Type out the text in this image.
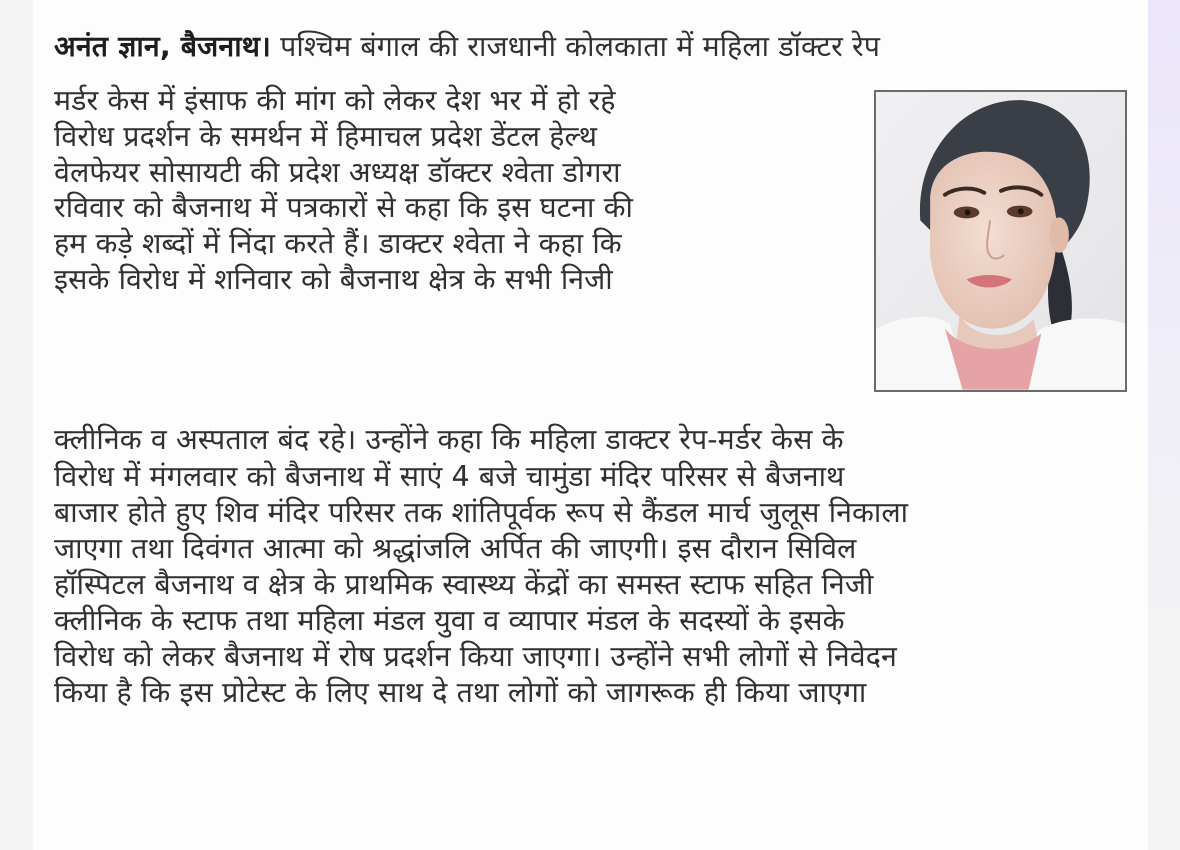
अनंत ज्ञान, बैजनाथ। पश्चिम बंगाल की राजधानी कोलकाता में महिला डॉक्टर रेप
मर्डर केस में इंसाफ की मांग को लेकर देश भर में हो रहे
विरोध प्रदर्शन के समर्थन में हिमाचल प्रदेश डेंटल हेल्थ
वेलफेयर सोसायटी की प्रदेश अध्यक्ष डॉक्टर श्वेता डोगरा
रविवार को बैजनाथ में पत्रकारों से कहा कि इस घटना की
हम कड़े शब्दों में निंदा करते हैं। डाक्टर श्वेता ने कहा कि
इसके विरोध में शनिवार को बैजनाथ क्षेत्र के सभी निजी
क्लीनिक व अस्पताल बंद रहे। उन्होंने कहा कि महिला डाक्टर रेप-मर्डर केस के
विरोध में मंगलवार को बैजनाथ में साएं 4 बजे चामुंडा मंदिर परिसर से बैजनाथ
बाजार होते हुए शिव मंदिर परिसर तक शांतिपूर्वक रूप से कैंडल मार्च जुलूस निकाला
जाएगा तथा दिवंगत आत्मा को श्रद्धांजलि अर्पित की जाएगी। इस दौरान सिविल
हॉस्पिटल बैजनाथ व क्षेत्र के प्राथमिक स्वास्थ्य केंद्रों का समस्त स्टाफ सहित निजी
क्लीनिक के स्टाफ तथा महिला मंडल युवा व व्यापार मंडल के सदस्यों के इसके
विरोध को लेकर बैजनाथ में रोष प्रदर्शन किया जाएगा। उन्होंने सभी लोगों से निवेदन
किया है कि इस प्रोटेस्ट के लिए साथ दे तथा लोगों को जागरूक ही किया जाएगा
